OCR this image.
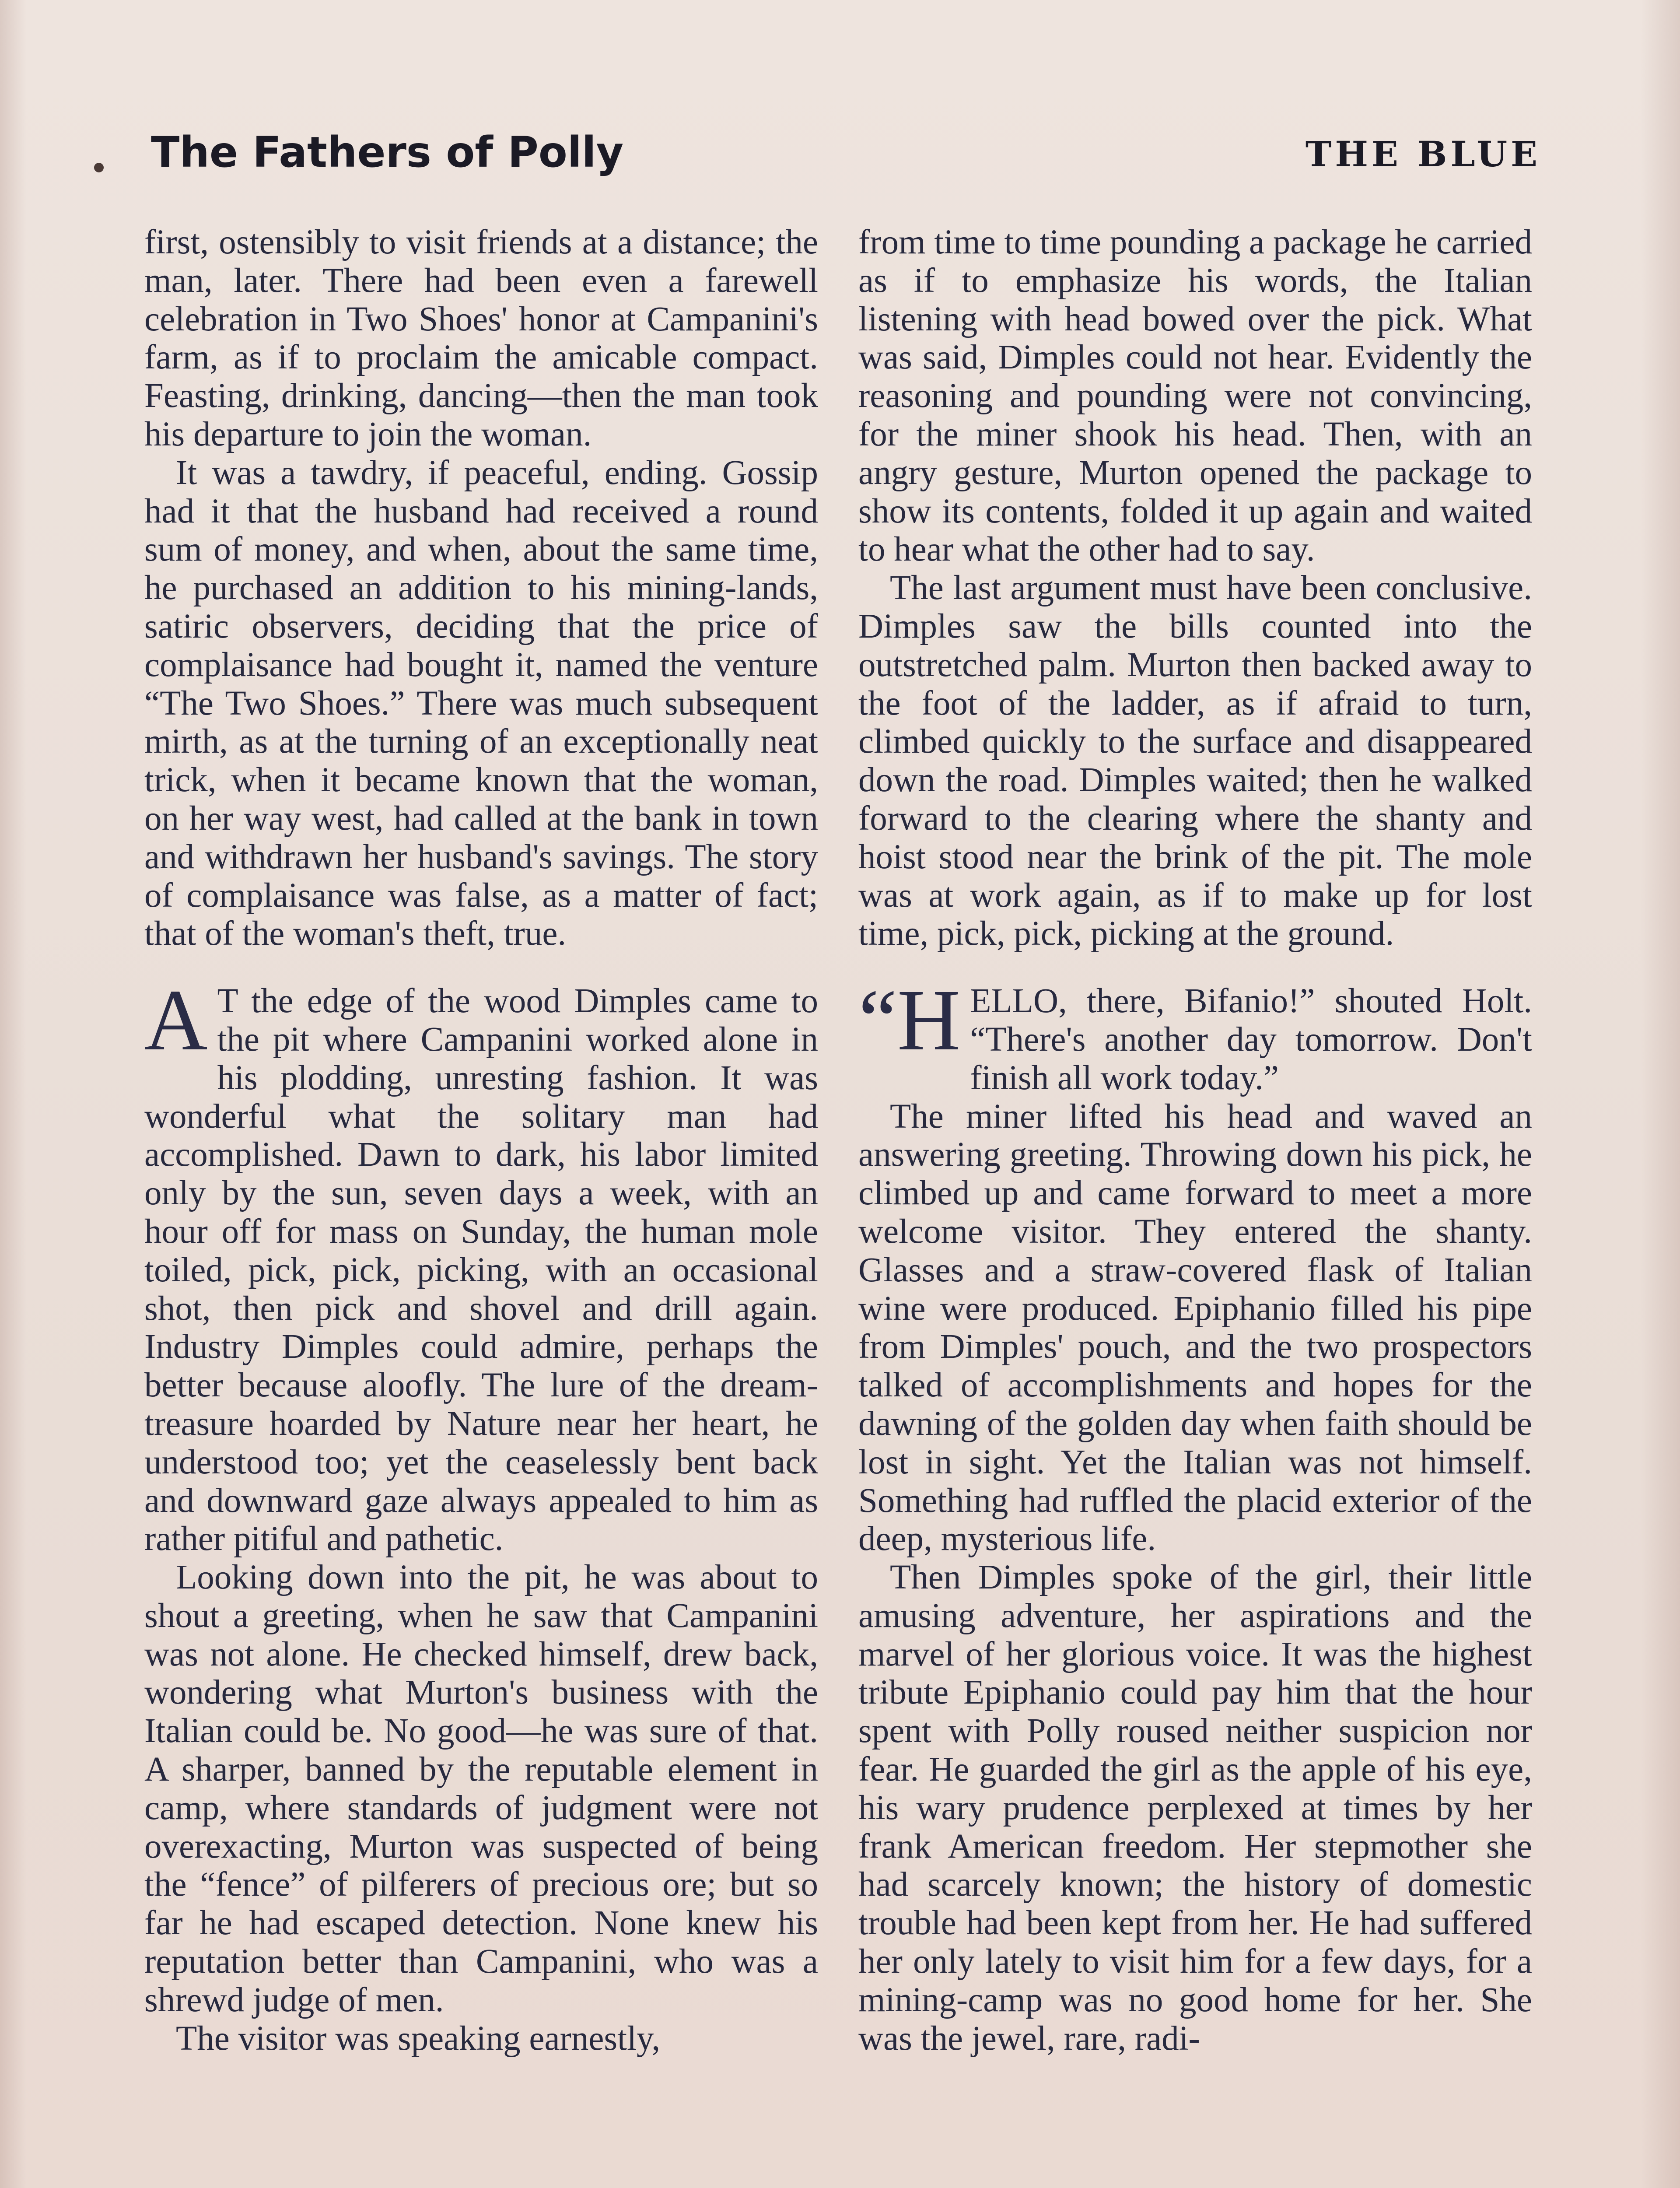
The Fathers of Polly	THE BLUE

first, ostensibly to visit friends at a distance; the man, later. There had been even a farewell celebration in Two Shoes' honor at Campanini's farm, as if to proclaim the amicable compact. Feasting, drinking, dancing—then the man took his departure to join the woman.

It was a tawdry, if peaceful, ending. Gossip had it that the husband had received a round sum of money, and when, about the same time, he purchased an addition to his mining-lands, satiric observers, deciding that the price of complaisance had bought it, named the venture “The Two Shoes.” There was much subsequent mirth, as at the turning of an exceptionally neat trick, when it became known that the woman, on her way west, had called at the bank in town and withdrawn her husband's savings. The story of complaisance was false, as a matter of fact; that of the woman's theft, true.

A T the edge of the wood Dimples came to the pit where Campanini worked alone in his plodding, unresting fashion. It was wonderful what the solitary man had accomplished. Dawn to dark, his labor limited only by the sun, seven days a week, with an hour off for mass on Sunday, the human mole toiled, pick, pick, picking, with an occasional shot, then pick and shovel and drill again. Industry Dimples could admire, perhaps the better because aloofly. The lure of the dream-treasure hoarded by Nature near her heart, he understood too; yet the ceaselessly bent back and downward gaze always appealed to him as rather pitiful and pathetic.

Looking down into the pit, he was about to shout a greeting, when he saw that Campanini was not alone. He checked himself, drew back, wondering what Murton's business with the Italian could be. No good—he was sure of that. A sharper, banned by the reputable element in camp, where standards of judgment were not overexacting, Murton was suspected of being the “fence” of pilferers of precious ore; but so far he had escaped detection. None knew his reputation better than Campanini, who was a shrewd judge of men.

The visitor was speaking earnestly,

from time to time pounding a package he carried as if to emphasize his words, the Italian listening with head bowed over the pick. What was said, Dimples could not hear. Evidently the reasoning and pounding were not convincing, for the miner shook his head. Then, with an angry gesture, Murton opened the package to show its contents, folded it up again and waited to hear what the other had to say.

The last argument must have been conclusive. Dimples saw the bills counted into the outstretched palm. Murton then backed away to the foot of the ladder, as if afraid to turn, climbed quickly to the surface and disappeared down the road. Dimples waited; then he walked forward to the clearing where the shanty and hoist stood near the brink of the pit. The mole was at work again, as if to make up for lost time, pick, pick, picking at the ground.

“HELLO, there, Bifanio!” shouted Holt. “There's another day tomorrow. Don't finish all work today.”

The miner lifted his head and waved an answering greeting. Throwing down his pick, he climbed up and came forward to meet a more welcome visitor. They entered the shanty. Glasses and a straw-covered flask of Italian wine were produced. Epiphanio filled his pipe from Dimples' pouch, and the two prospectors talked of accomplishments and hopes for the dawning of the golden day when faith should be lost in sight. Yet the Italian was not himself. Something had ruffled the placid exterior of the deep, mysterious life.

Then Dimples spoke of the girl, their little amusing adventure, her aspirations and the marvel of her glorious voice. It was the highest tribute Epiphanio could pay him that the hour spent with Polly roused neither suspicion nor fear. He guarded the girl as the apple of his eye, his wary prudence perplexed at times by her frank American freedom. Her stepmother she had scarcely known; the history of domestic trouble had been kept from her. He had suffered her only lately to visit him for a few days, for a mining-camp was no good home for her. She was the jewel, rare, radi-
